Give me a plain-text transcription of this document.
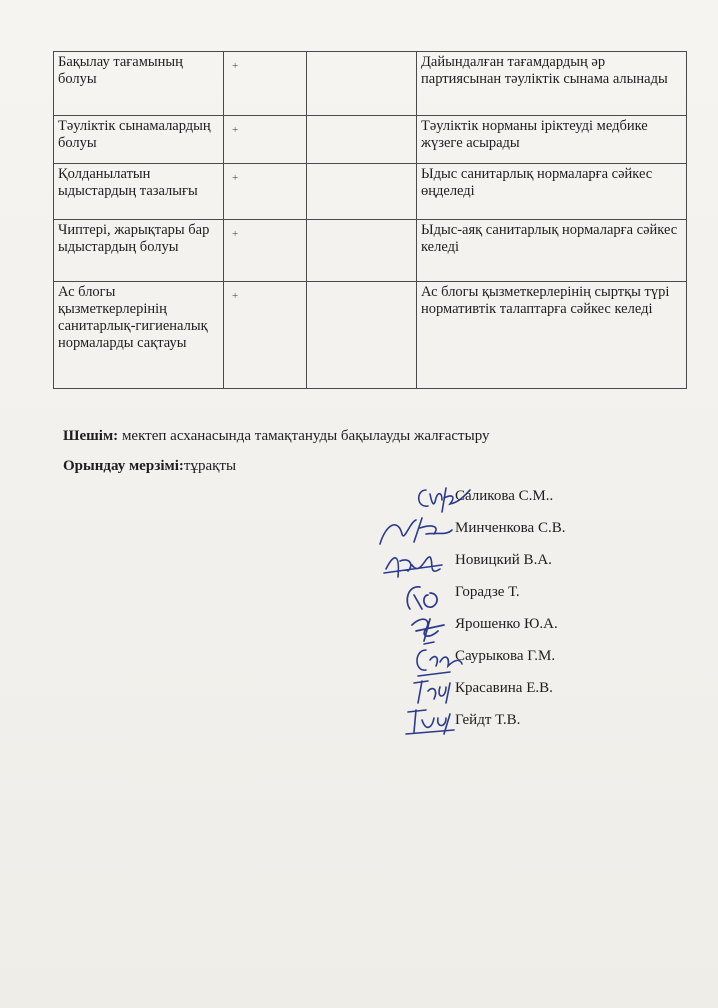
Бақылау тағамының болуы	+		Дайындалған тағамдардың әр партиясынан тәуліктік сынама алынады
Тәуліктік сынамалардың болуы	+		Тәуліктік норманы іріктеуді медбике жүзеге асырады
Қолданылатын ыдыстардың тазалығы	+		Ыдыс санитарлық нормаларға сәйкес өңделеді
Чиптері, жарықтары бар ыдыстардың болуы	+		Ыдыс-аяқ санитарлық нормаларға сәйкес келеді
Ас блогы қызметкерлерінің санитарлық-гигиеналық нормаларды сақтауы	+		Ас блогы қызметкерлерінің сыртқы түрі нормативтік талаптарға сәйкес келеді
Шешім: мектеп асханасында тамақтануды бақылауды жалғастыру
Орындау мерзімі:тұрақты
Саликова С.М..
Минченкова С.В.
Новицкий В.А.
Горадзе Т.
Ярошенко Ю.А.
Саурыкова Г.М.
Красавина Е.В.
Гейдт Т.В.
